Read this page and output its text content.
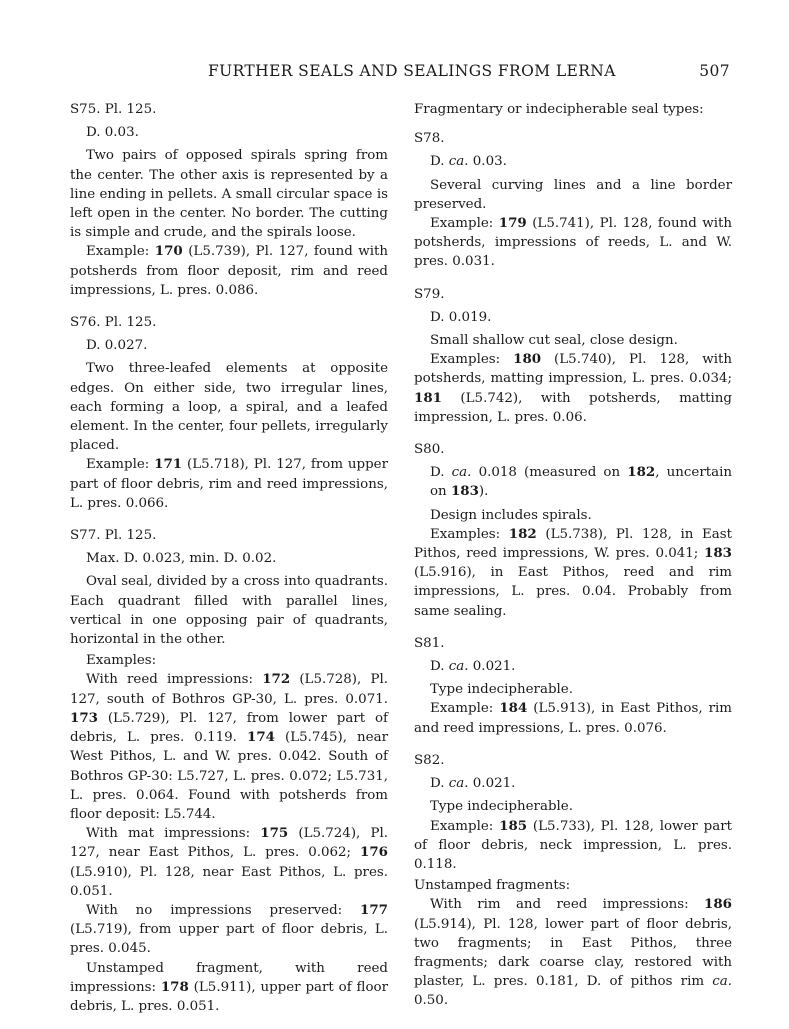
FURTHER SEALS AND SEALINGS FROM LERNA	507

S75. Pl. 125.

D. 0.03.

Two pairs of opposed spirals spring from the center. The other axis is represented by a line ending in pellets. A small circular space is left open in the center. No border. The cutting is simple and crude, and the spirals loose.

Example: 170 (L5.739), Pl. 127, found with potsherds from floor deposit, rim and reed impressions, L. pres. 0.086.

S76. Pl. 125.

D. 0.027.

Two three-leafed elements at opposite edges. On either side, two irregular lines, each forming a loop, a spiral, and a leafed element. In the center, four pellets, irregularly placed.

Example: 171 (L5.718), Pl. 127, from upper part of floor debris, rim and reed impressions, L. pres. 0.066.

S77. Pl. 125.

Max. D. 0.023, min. D. 0.02.

Oval seal, divided by a cross into quadrants. Each quadrant filled with parallel lines, vertical in one opposing pair of quadrants, horizontal in the other.

Examples:

With reed impressions: 172 (L5.728), Pl. 127, south of Bothros GP-30, L. pres. 0.071. 173 (L5.729), Pl. 127, from lower part of debris, L. pres. 0.119. 174 (L5.745), near West Pithos, L. and W. pres. 0.042. South of Bothros GP-30: L5.727, L. pres. 0.072; L5.731, L. pres. 0.064. Found with potsherds from floor deposit: L5.744.

With mat impressions: 175 (L5.724), Pl. 127, near East Pithos, L. pres. 0.062; 176 (L5.910), Pl. 128, near East Pithos, L. pres. 0.051.

With no impressions preserved: 177 (L5.719), from upper part of floor debris, L. pres. 0.045.

Unstamped fragment, with reed impressions: 178 (L5.911), upper part of floor debris, L. pres. 0.051.

Fragmentary or indecipherable seal types:

S78.

D. ca. 0.03.

Several curving lines and a line border preserved.

Example: 179 (L5.741), Pl. 128, found with potsherds, impressions of reeds, L. and W. pres. 0.031.

S79.

D. 0.019.

Small shallow cut seal, close design.

Examples: 180 (L5.740), Pl. 128, with potsherds, matting impression, L. pres. 0.034; 181 (L5.742), with potsherds, matting impression, L. pres. 0.06.

S80.

D. ca. 0.018 (measured on 182, uncertain on 183).

Design includes spirals.

Examples: 182 (L5.738), Pl. 128, in East Pithos, reed impressions, W. pres. 0.041; 183 (L5.916), in East Pithos, reed and rim impressions, L. pres. 0.04. Probably from same sealing.

S81.

D. ca. 0.021.

Type indecipherable.

Example: 184 (L5.913), in East Pithos, rim and reed impressions, L. pres. 0.076.

S82.

D. ca. 0.021.

Type indecipherable.

Example: 185 (L5.733), Pl. 128, lower part of floor debris, neck impression, L. pres. 0.118.

Unstamped fragments:

With rim and reed impressions: 186 (L5.914), Pl. 128, lower part of floor debris, two fragments; in East Pithos, three fragments; dark coarse clay, restored with plaster, L. pres. 0.181, D. of pithos rim ca. 0.50.
